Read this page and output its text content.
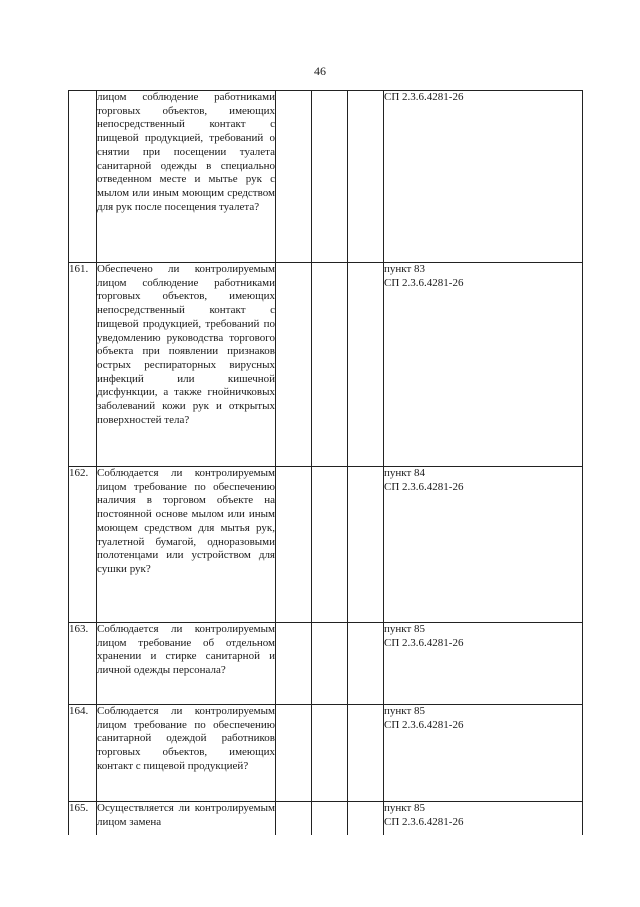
46

	лицом соблюдение работниками торговых объектов, имеющих непосредственный контакт с пищевой продукцией, требований о снятии при посещении туалета санитарной одежды в специально отведенном месте и мытье рук с мылом или иным моющим средством для рук после посещения туалета?				СП 2.3.6.4281-26

161.	Обеспечено ли контролируемым лицом соблюдение работниками торговых объектов, имеющих непосредственный контакт с пищевой продукцией, требований по уведомлению руководства торгового объекта при появлении признаков острых респираторных вирусных инфекций или кишечной дисфункции, а также гнойничковых заболеваний кожи рук и открытых поверхностей тела?				пункт 83
СП 2.3.6.4281-26

162.	Соблюдается ли контролируемым лицом требование по обеспечению наличия в торговом объекте на постоянной основе мылом или иным моющем средством для мытья рук, туалетной бумагой, одноразовыми полотенцами или устройством для сушки рук?				пункт 84
СП 2.3.6.4281-26

163.	Соблюдается ли контролируемым лицом требование об отдельном хранении и стирке санитарной и личной одежды персонала?				пункт 85
СП 2.3.6.4281-26

164.	Соблюдается ли контролируемым лицом требование по обеспечению санитарной одеждой работников торговых объектов, имеющих контакт с пищевой продукцией?				пункт 85
СП 2.3.6.4281-26

165.	Осуществляется ли контролируемым лицом замена				пункт 85
СП 2.3.6.4281-26
